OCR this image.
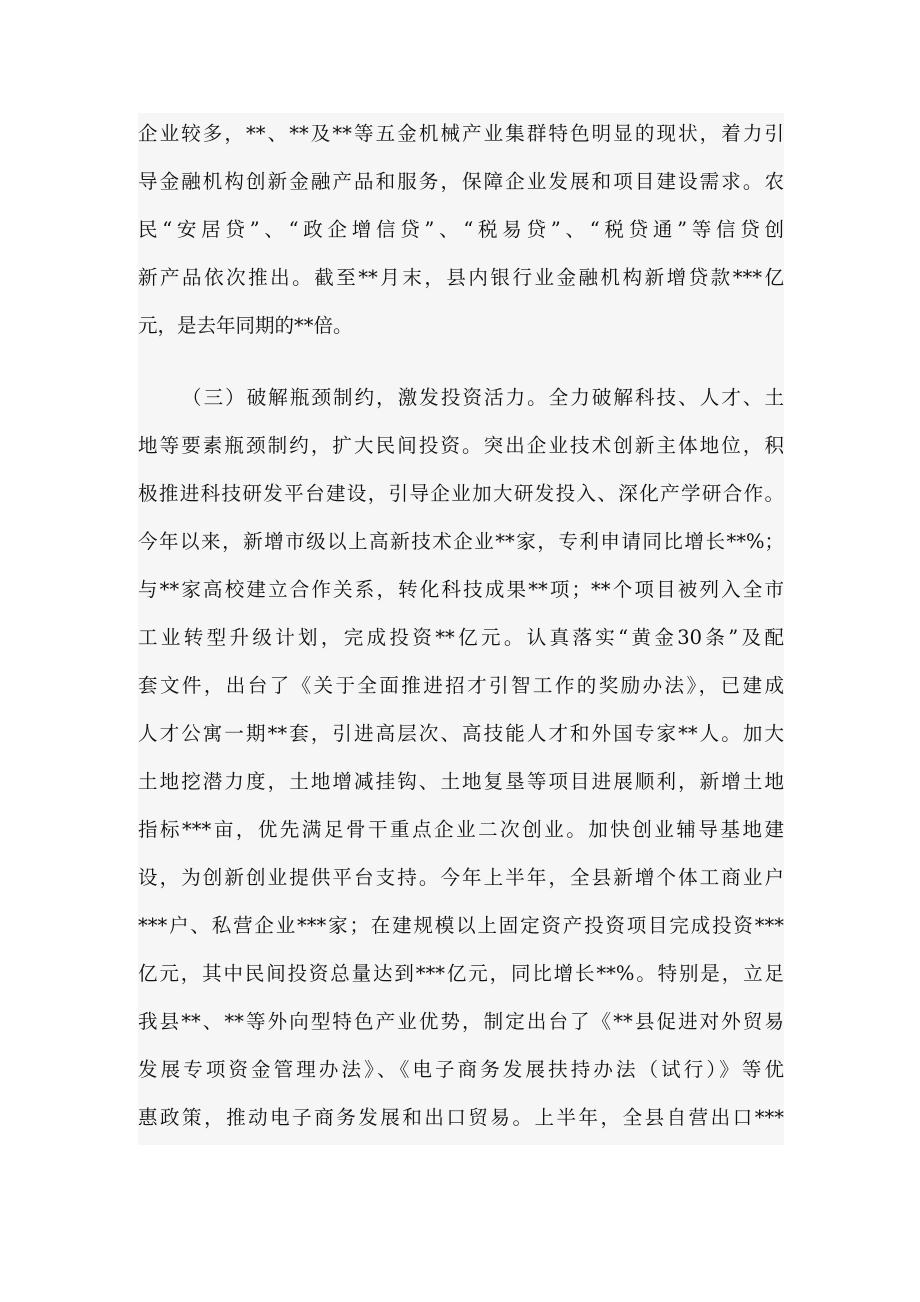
企业较多，**、**及**等五金机械产业集群特色明显的现状，着力引
导金融机构创新金融产品和服务，保障企业发展和项目建设需求。农
民“安居贷”、“政企增信贷”、“税易贷”、“税贷通”等信贷创
新产品依次推出。截至**月末，县内银行业金融机构新增贷款***亿
元，是去年同期的**倍。
（三）破解瓶颈制约，激发投资活力。全力破解科技、人才、土
地等要素瓶颈制约，扩大民间投资。突出企业技术创新主体地位，积
极推进科技研发平台建设，引导企业加大研发投入、深化产学研合作。
今年以来，新增市级以上高新技术企业**家，专利申请同比增长**%；
与**家高校建立合作关系，转化科技成果**项；**个项目被列入全市
工业转型升级计划，完成投资**亿元。认真落实“黄金30条”及配
套文件，出台了《关于全面推进招才引智工作的奖励办法》，已建成
人才公寓一期**套，引进高层次、高技能人才和外国专家**人。加大
土地挖潜力度，土地增减挂钩、土地复垦等项目进展顺利，新增土地
指标***亩，优先满足骨干重点企业二次创业。加快创业辅导基地建
设，为创新创业提供平台支持。今年上半年，全县新增个体工商业户
***户、私营企业***家；在建规模以上固定资产投资项目完成投资***
亿元，其中民间投资总量达到***亿元，同比增长**%。特别是，立足
我县**、**等外向型特色产业优势，制定出台了《**县促进对外贸易
发展专项资金管理办法》、《电子商务发展扶持办法（试行）》等优
惠政策，推动电子商务发展和出口贸易。上半年，全县自营出口***
